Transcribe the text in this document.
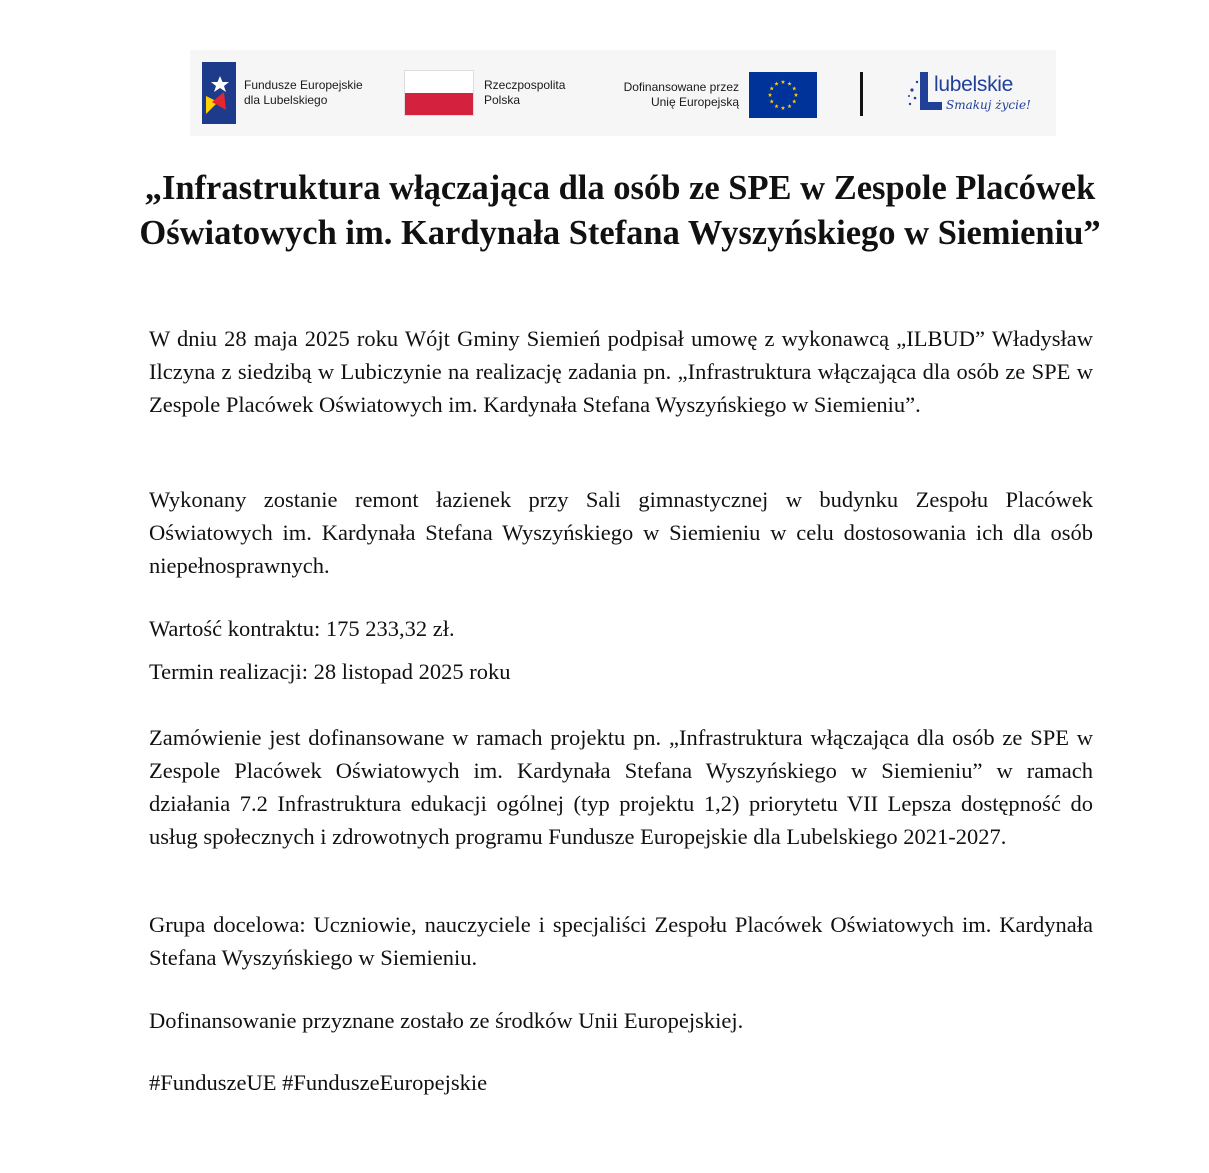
Fundusze Europejskie
dla Lubelskiego
Rzeczpospolita
Polska
Dofinansowane przez
Unię Europejską
lubelskie
Smakuj życie!
„Infrastruktura włączająca dla osób ze SPE w Zespole Placówek Oświatowych im. Kardynała Stefana Wyszyńskiego w Siemieniu”

W dniu 28 maja 2025 roku Wójt Gminy Siemień podpisał umowę z wykonawcą „ILBUD” Władysław Ilczyna z siedzibą w Lubiczynie na realizację zadania pn. „Infrastruktura włączająca dla osób ze SPE w Zespole Placówek Oświatowych im. Kardynała Stefana Wyszyńskiego w Siemieniu”.

Wykonany zostanie remont łazienek przy Sali gimnastycznej w budynku Zespołu Placówek Oświatowych im. Kardynała Stefana Wyszyńskiego w Siemieniu w celu dostosowania ich dla osób niepełnosprawnych.

Wartość kontraktu: 175 233,32 zł.

Termin realizacji: 28 listopad 2025 roku

Zamówienie jest dofinansowane w ramach projektu pn. „Infrastruktura włączająca dla osób ze SPE w Zespole Placówek Oświatowych im. Kardynała Stefana Wyszyńskiego w Siemieniu” w ramach działania 7.2 Infrastruktura edukacji ogólnej (typ projektu 1,2) priorytetu VII Lepsza dostępność do usług społecznych i zdrowotnych programu Fundusze Europejskie dla Lubelskiego 2021-2027.

Grupa docelowa: Uczniowie, nauczyciele i specjaliści Zespołu Placówek Oświatowych im. Kardynała Stefana Wyszyńskiego w Siemieniu.

Dofinansowanie przyznane zostało ze środków Unii Europejskiej.

#FunduszeUE #FunduszeEuropejskie
